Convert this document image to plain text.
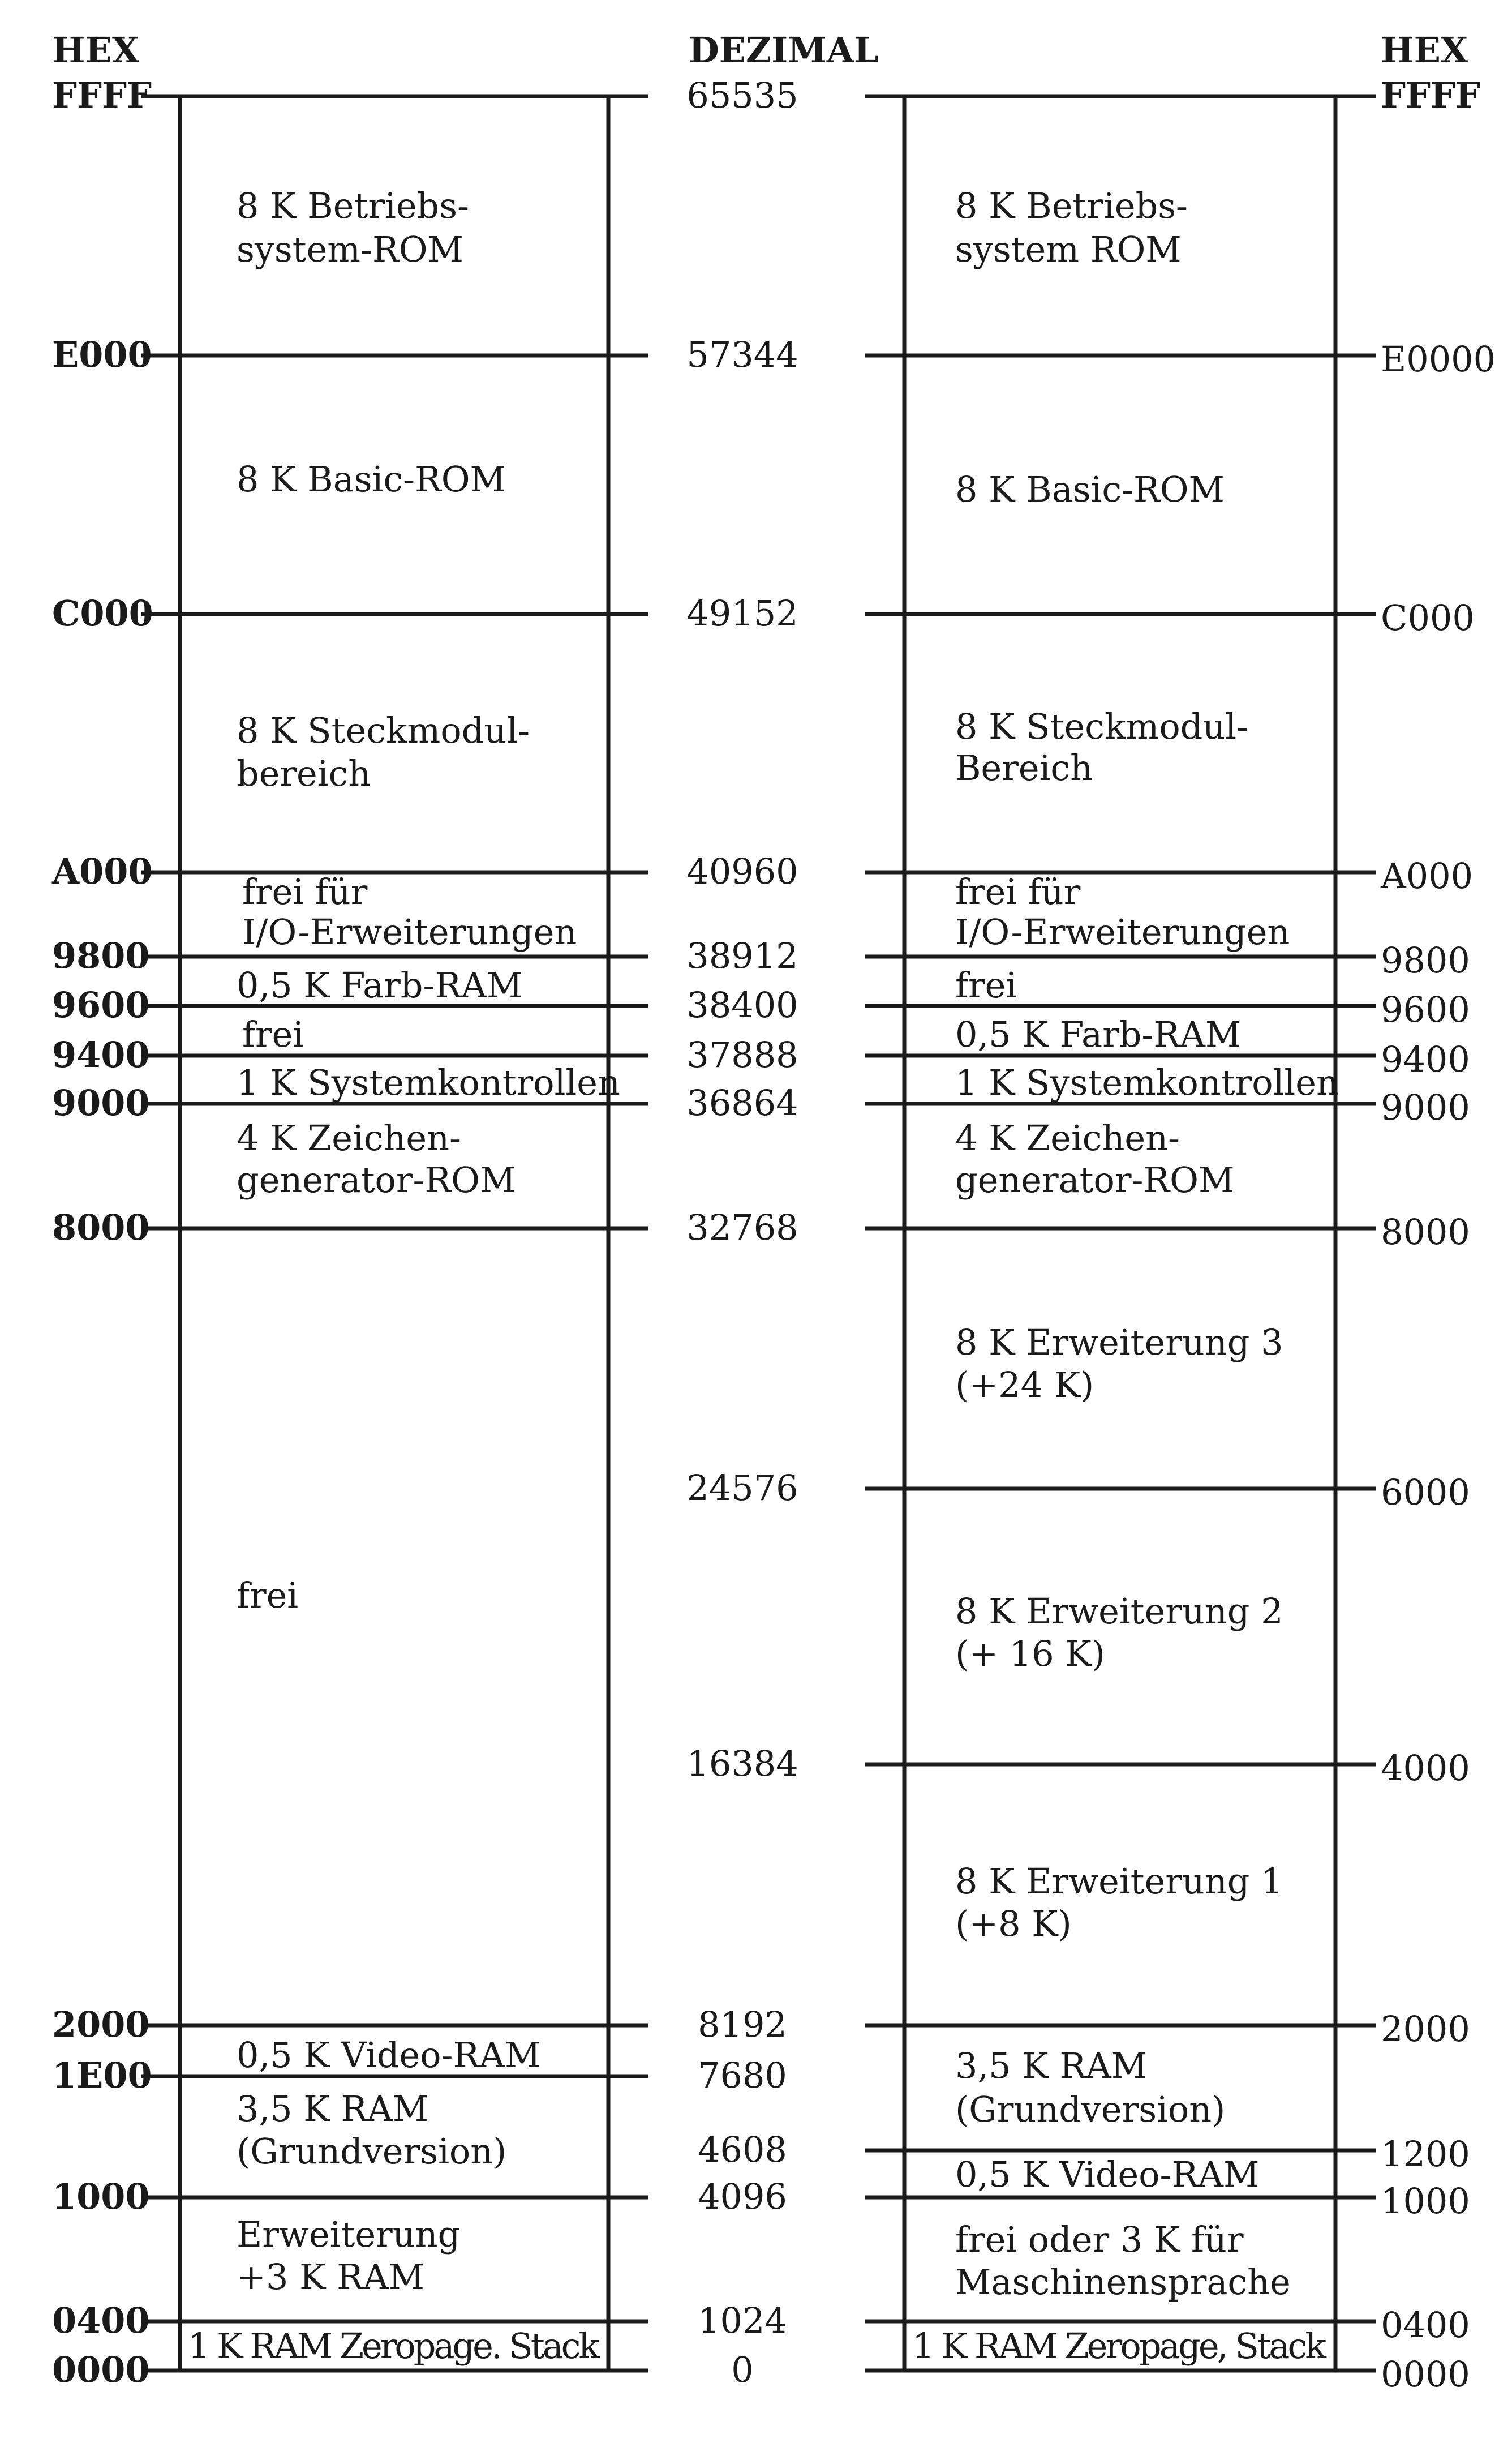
HEX	DEZIMAL	HEX
FFFF
E000
C000
A000
9800
9600
9400
9000
8000
2000
1E00
1000
0400
0000
8 K Betriebs-
system-ROM
8 K Basic-ROM
8 K Steckmodul-
bereich
frei für
I/O-Erweiterungen
0,5 K Farb-RAM
frei
1 K Systemkontrollen
4 K Zeichen-
generator-ROM
frei
0,5 K Video-RAM
3,5 K RAM
(Grundversion)
Erweiterung
+3 K RAM
1 K RAM Zeropage. Stack
FFFF
E0000
C000
A000
9800
9600
9400
9000
8000
6000
4000
2000
1200
1000
0400
0000
8 K Betriebs-
system ROM
8 K Basic-ROM
8 K Steckmodul-
Bereich
frei für
I/O-Erweiterungen
frei
0,5 K Farb-RAM
1 K Systemkontrollen
4 K Zeichen-
generator-ROM
8 K Erweiterung 3
(+24 K)
8 K Erweiterung 2
(+ 16 K)
8 K Erweiterung 1
(+8 K)
3,5 K RAM
(Grundversion)
0,5 K Video-RAM
frei oder 3 K für
Maschinensprache
1 K RAM Zeropage, Stack
65535
57344
49152
40960
38912
38400
37888
36864
32768
8192
7680
4096
1024
0
24576
16384
4608
